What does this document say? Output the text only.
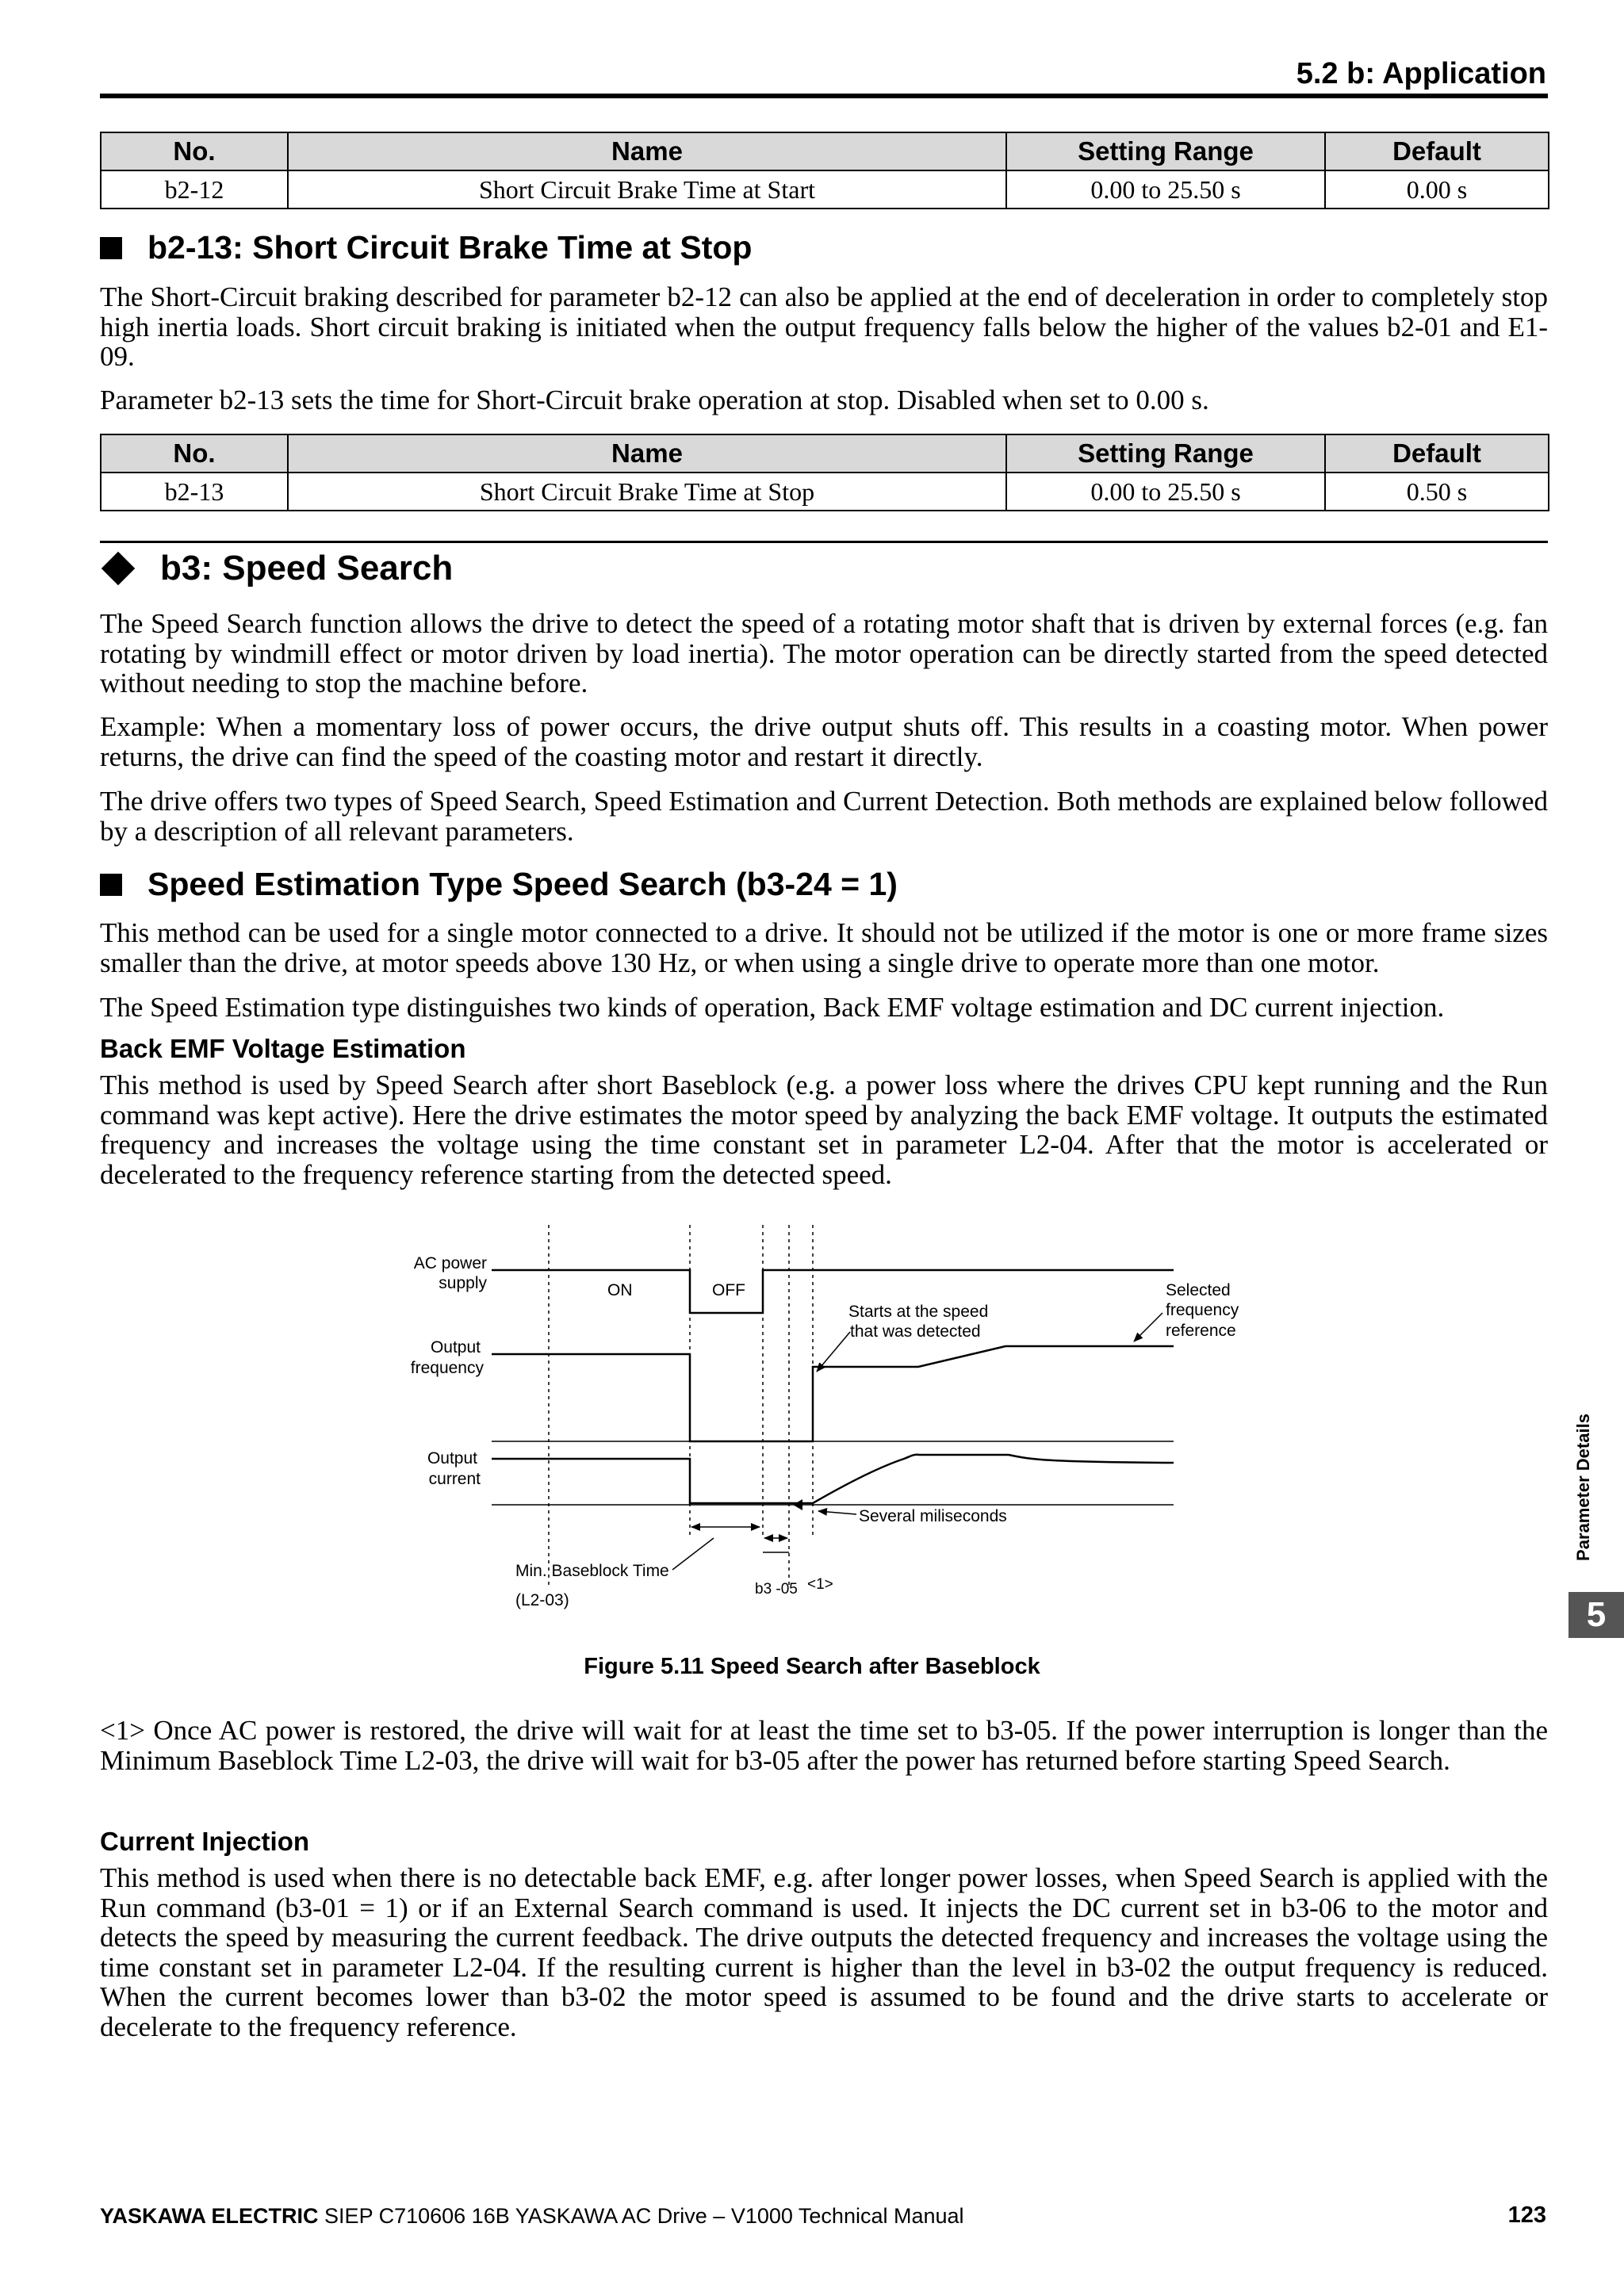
5.2 b: Application
No.	Name	Setting Range	Default
b2-12	Short Circuit Brake Time at Start	0.00 to 25.50 s	0.00 s
b2-13: Short Circuit Brake Time at Stop
The Short-Circuit braking described for parameter b2-12 can also be applied at the end of deceleration in order to completely stop high inertia loads. Short circuit braking is initiated when the output frequency falls below the higher of the values b2-01 and E1-09.
Parameter b2-13 sets the time for Short-Circuit brake operation at stop. Disabled when set to 0.00 s.
No.	Name	Setting Range	Default
b2-13	Short Circuit Brake Time at Stop	0.00 to 25.50 s	0.50 s
b3: Speed Search
The Speed Search function allows the drive to detect the speed of a rotating motor shaft that is driven by external forces (e.g. fan rotating by windmill effect or motor driven by load inertia). The motor operation can be directly started from the speed detected without needing to stop the machine before.
Example: When a momentary loss of power occurs, the drive output shuts off. This results in a coasting motor. When power returns, the drive can find the speed of the coasting motor and restart it directly.
The drive offers two types of Speed Search, Speed Estimation and Current Detection. Both methods are explained below followed by a description of all relevant parameters.
Speed Estimation Type Speed Search (b3-24 = 1)
This method can be used for a single motor connected to a drive. It should not be utilized if the motor is one or more frame sizes smaller than the drive, at motor speeds above 130 Hz, or when using a single drive to operate more than one motor.
The Speed Estimation type distinguishes two kinds of operation, Back EMF voltage estimation and DC current injection.
Back EMF Voltage Estimation
This method is used by Speed Search after short Baseblock (e.g. a power loss where the drives CPU kept running and the Run command was kept active). Here the drive estimates the motor speed by analyzing the back EMF voltage. It outputs the estimated frequency and increases the voltage using the time constant set in parameter L2-04. After that the motor is accelerated or decelerated to the frequency reference starting from the detected speed.
AC power
supply	ON	OFF
Output
frequency
Output
current
Starts at the speed
that was detected
Selected
frequency
reference
Several miliseconds
Min. Baseblock Time
(L2-03)
b3 -05 <1>
Figure 5.11 Speed Search after Baseblock
<1> Once AC power is restored, the drive will wait for at least the time set to b3-05. If the power interruption is longer than the Minimum Baseblock Time L2-03, the drive will wait for b3-05 after the power has returned before starting Speed Search.
Current Injection
This method is used when there is no detectable back EMF, e.g. after longer power losses, when Speed Search is applied with the Run command (b3-01 = 1) or if an External Search command is used. It injects the DC current set in b3-06 to the motor and detects the speed by measuring the current feedback. The drive outputs the detected frequency and increases the voltage using the time constant set in parameter L2-04. If the resulting current is higher than the level in b3-02 the output frequency is reduced. When the current becomes lower than b3-02 the motor speed is assumed to be found and the drive starts to accelerate or decelerate to the frequency reference.
Parameter Details
5
YASKAWA ELECTRIC SIEP C710606 16B YASKAWA AC Drive – V1000 Technical Manual	123
